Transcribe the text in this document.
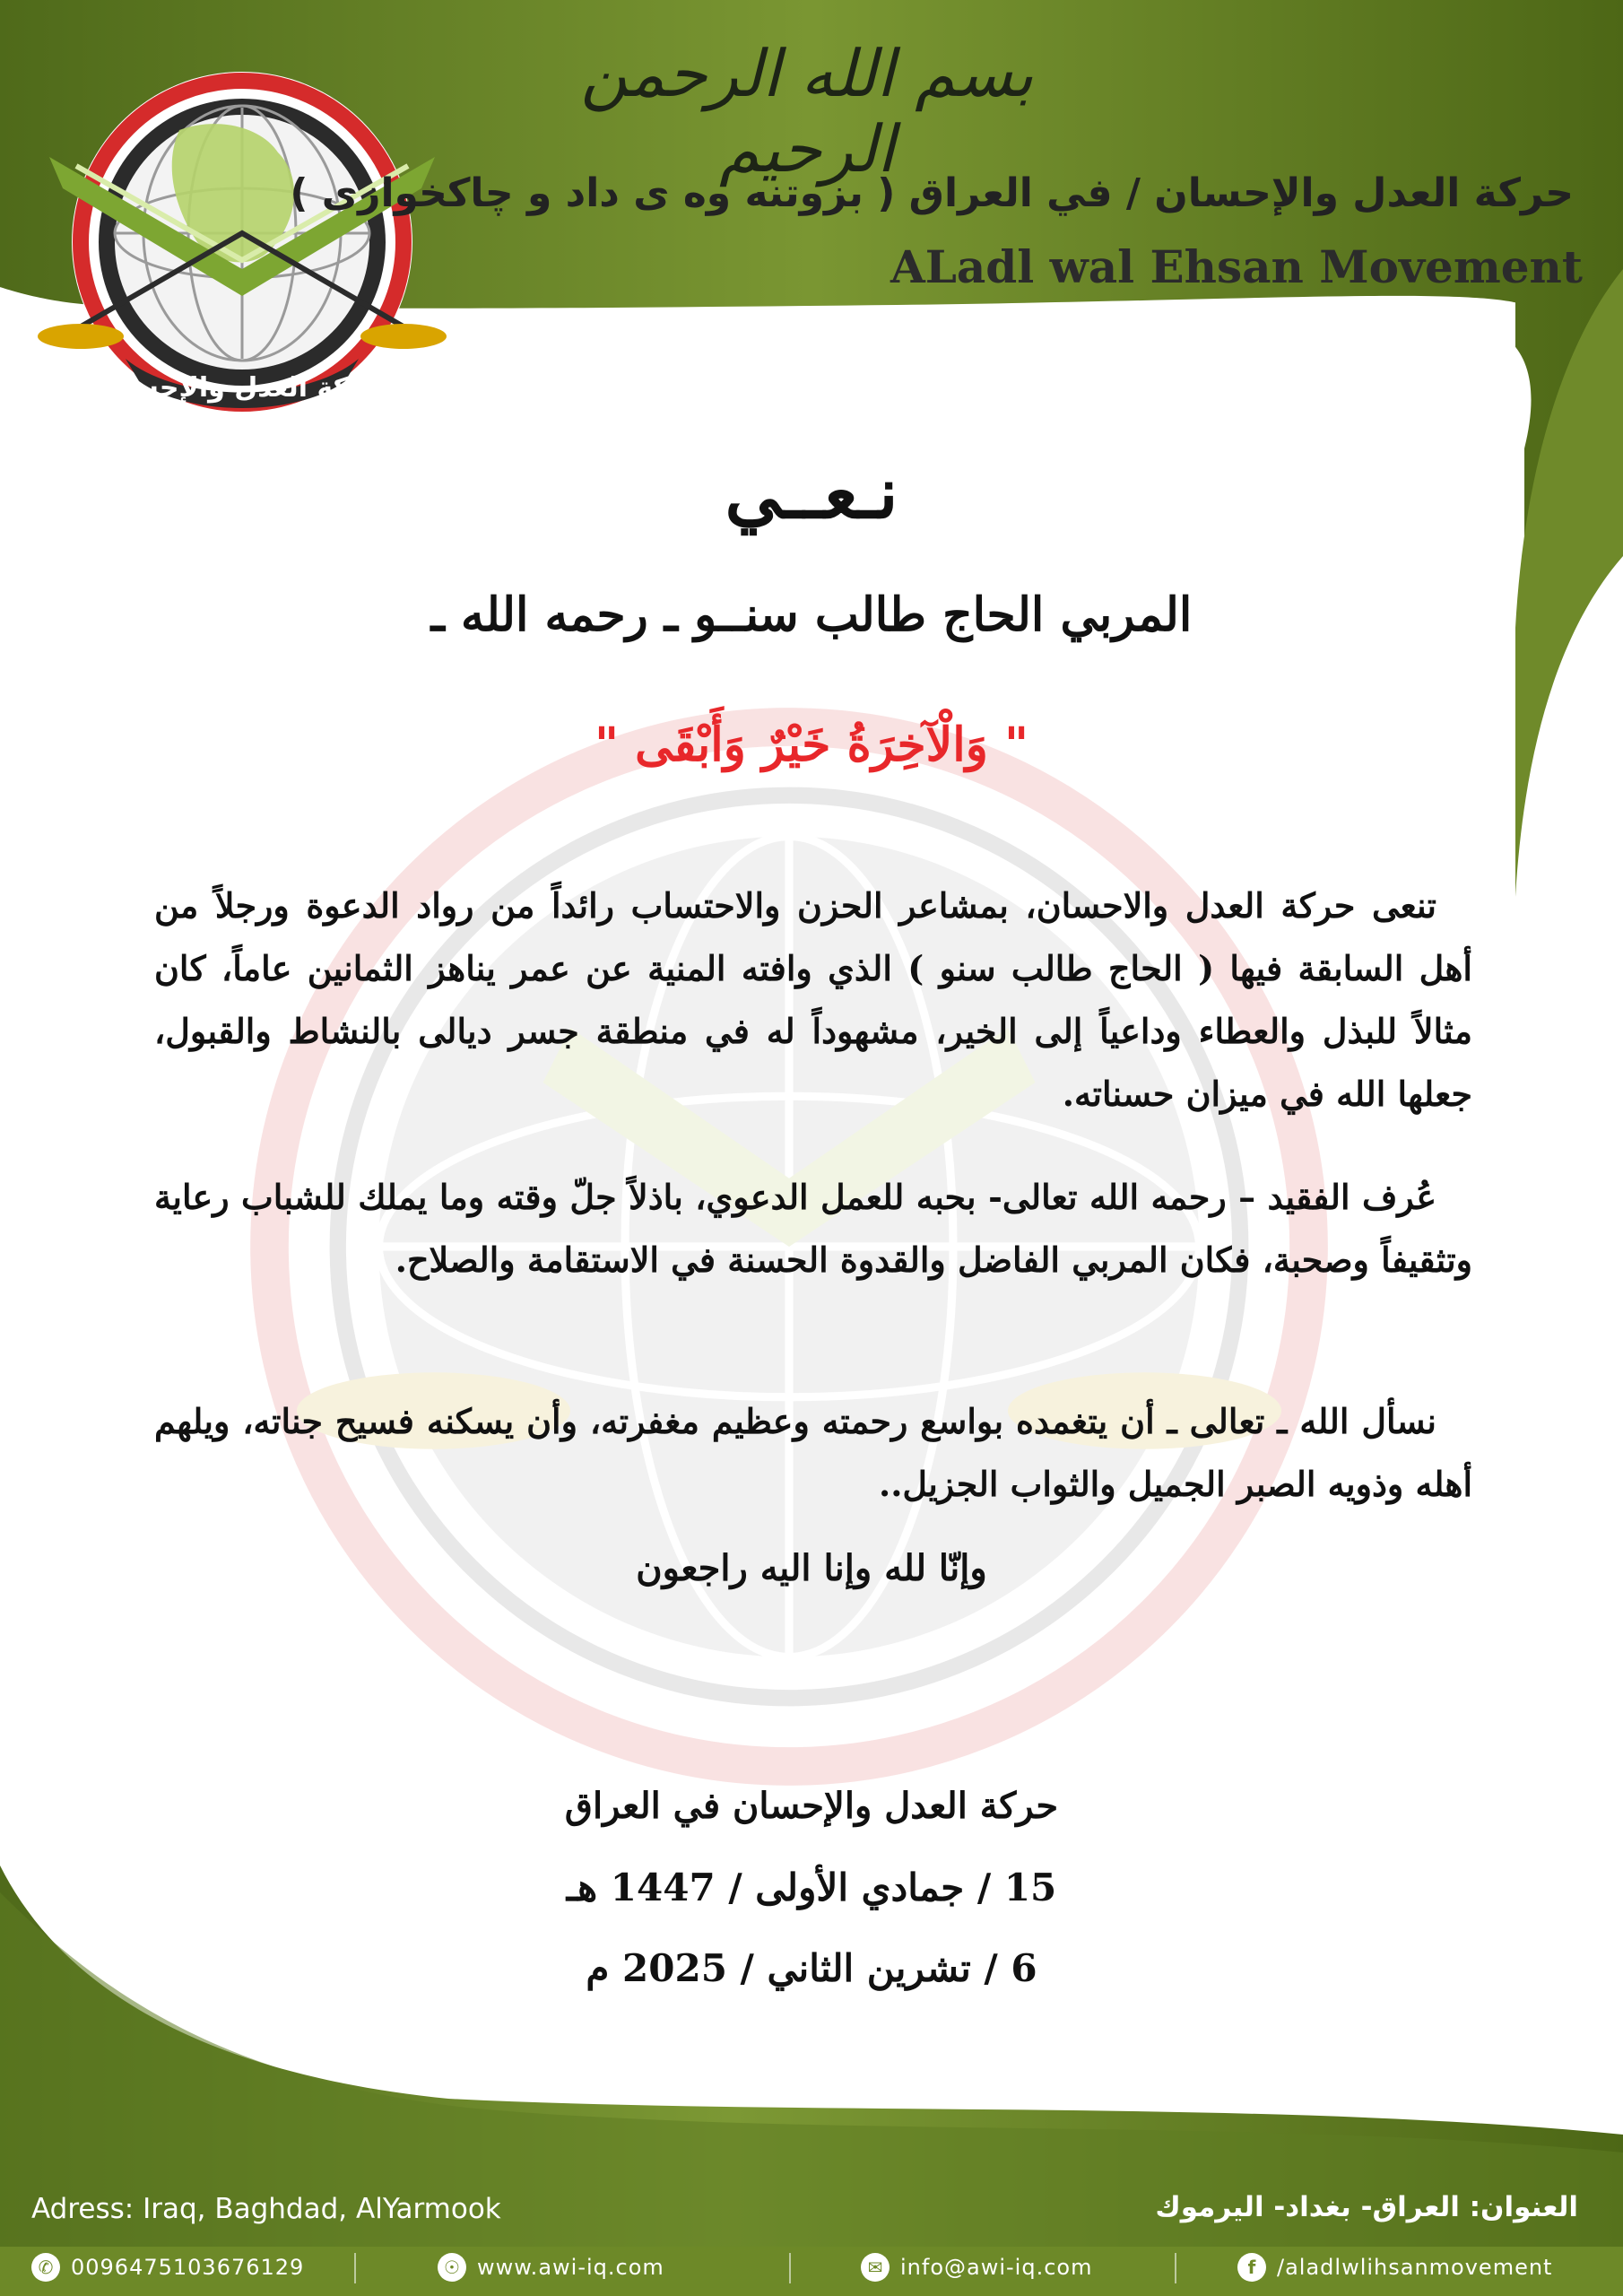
حركة العدل والإحسان
بسم الله الرحمن الرحيم
حركة العدل والإحسان / في العراق ( بزوتنه وه ى داد و چاكخوازى )
ALadl wal Ehsan Movement
نـعــي
المربي الحاج طالب سنــو ـ رحمه الله ـ
" وَالْآخِرَةُ خَيْرٌ وَأَبْقَى "
تنعى حركة العدل والاحسان، بمشاعر الحزن والاحتساب رائداً من رواد الدعوة ورجلاً من أهل السابقة فيها ( الحاج طالب سنو ) الذي وافته المنية عن عمر يناهز الثمانين عاماً، كان مثالاً للبذل والعطاء وداعياً إلى الخير، مشهوداً له في منطقة جسر ديالى بالنشاط والقبول، جعلها الله في ميزان حسناته.
عُرف الفقيد – رحمه الله تعالى- بحبه للعمل الدعوي، باذلاً جلّ وقته وما يملك للشباب رعاية وتثقيفاً وصحبة، فكان المربي الفاضل والقدوة الحسنة في الاستقامة والصلاح.
نسأل الله ـ تعالى ـ أن يتغمده بواسع رحمته وعظيم مغفرته، وأن يسكنه فسيح جناته، ويلهم أهله وذويه الصبر الجميل والثواب الجزيل..
وإنّا لله وإنا اليه راجعون
حركة العدل والإحسان في العراق
15 / جمادي الأولى / 1447 هـ
6 / تشرين الثاني / 2025 م
Adress: Iraq, Baghdad, AlYarmook	العنوان: العراق- بغداد- اليرموك
✆ 0096475103676129	☉ www.awi-iq.com	✉ info@awi-iq.com	f /aladlwlihsanmovement
